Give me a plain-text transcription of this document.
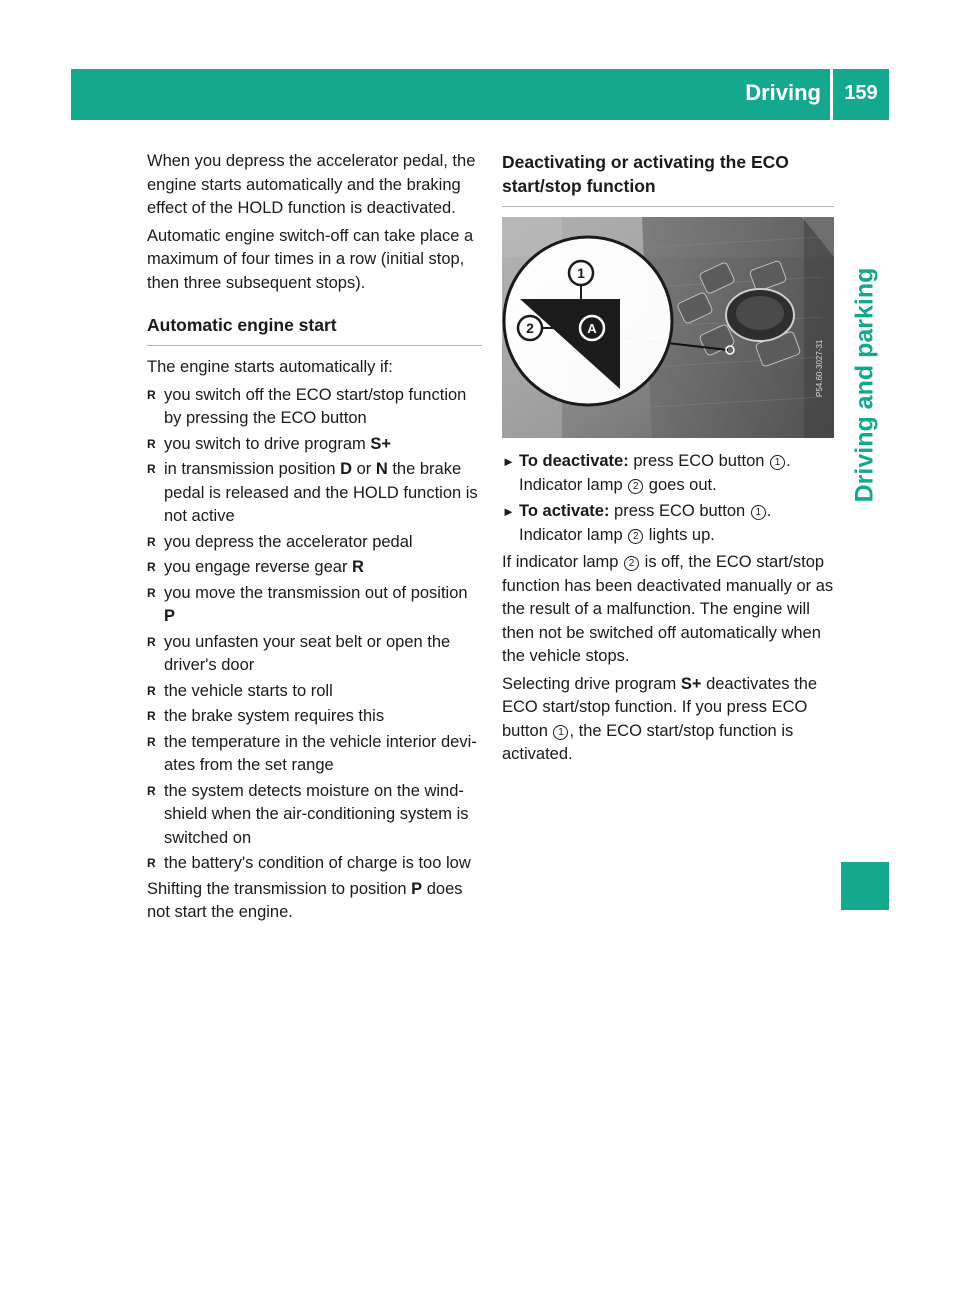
Driving	159
Driving and parking

When you depress the accelerator pedal, the engine starts automatically and the braking effect of the HOLD function is deactivated.

Automatic engine switch-off can take place a maximum of four times in a row (initial stop, then three subsequent stops).

Automatic engine start

The engine starts automatically if:

R you switch off the ECO start/stop function by pressing the ECO button
R you switch to drive program S+
R in transmission position D or N the brake pedal is released and the HOLD function is not active
R you depress the accelerator pedal
R you engage reverse gear R
R you move the transmission out of position P
R you unfasten your seat belt or open the driver's door
R the vehicle starts to roll
R the brake system requires this
R the temperature in the vehicle interior devi- ates from the set range
R the system detects moisture on the wind- shield when the air-conditioning system is switched on
R the battery's condition of charge is too low

Shifting the transmission to position P does not start the engine.

Deactivating or activating the ECO start/stop function
A
1
2
P54.60-3027-31
► To deactivate: press ECO button 1 .
Indicator lamp 2 goes out.
► To activate: press ECO button 1 .
Indicator lamp 2 lights up.

If indicator lamp 2 is off, the ECO start/stop function has been deactivated manually or as the result of a malfunction. The engine will then not be switched off automatically when the vehicle stops.

Selecting drive program S+ deactivates the ECO start/stop function. If you press ECO button 1 , the ECO start/stop function is activated.
